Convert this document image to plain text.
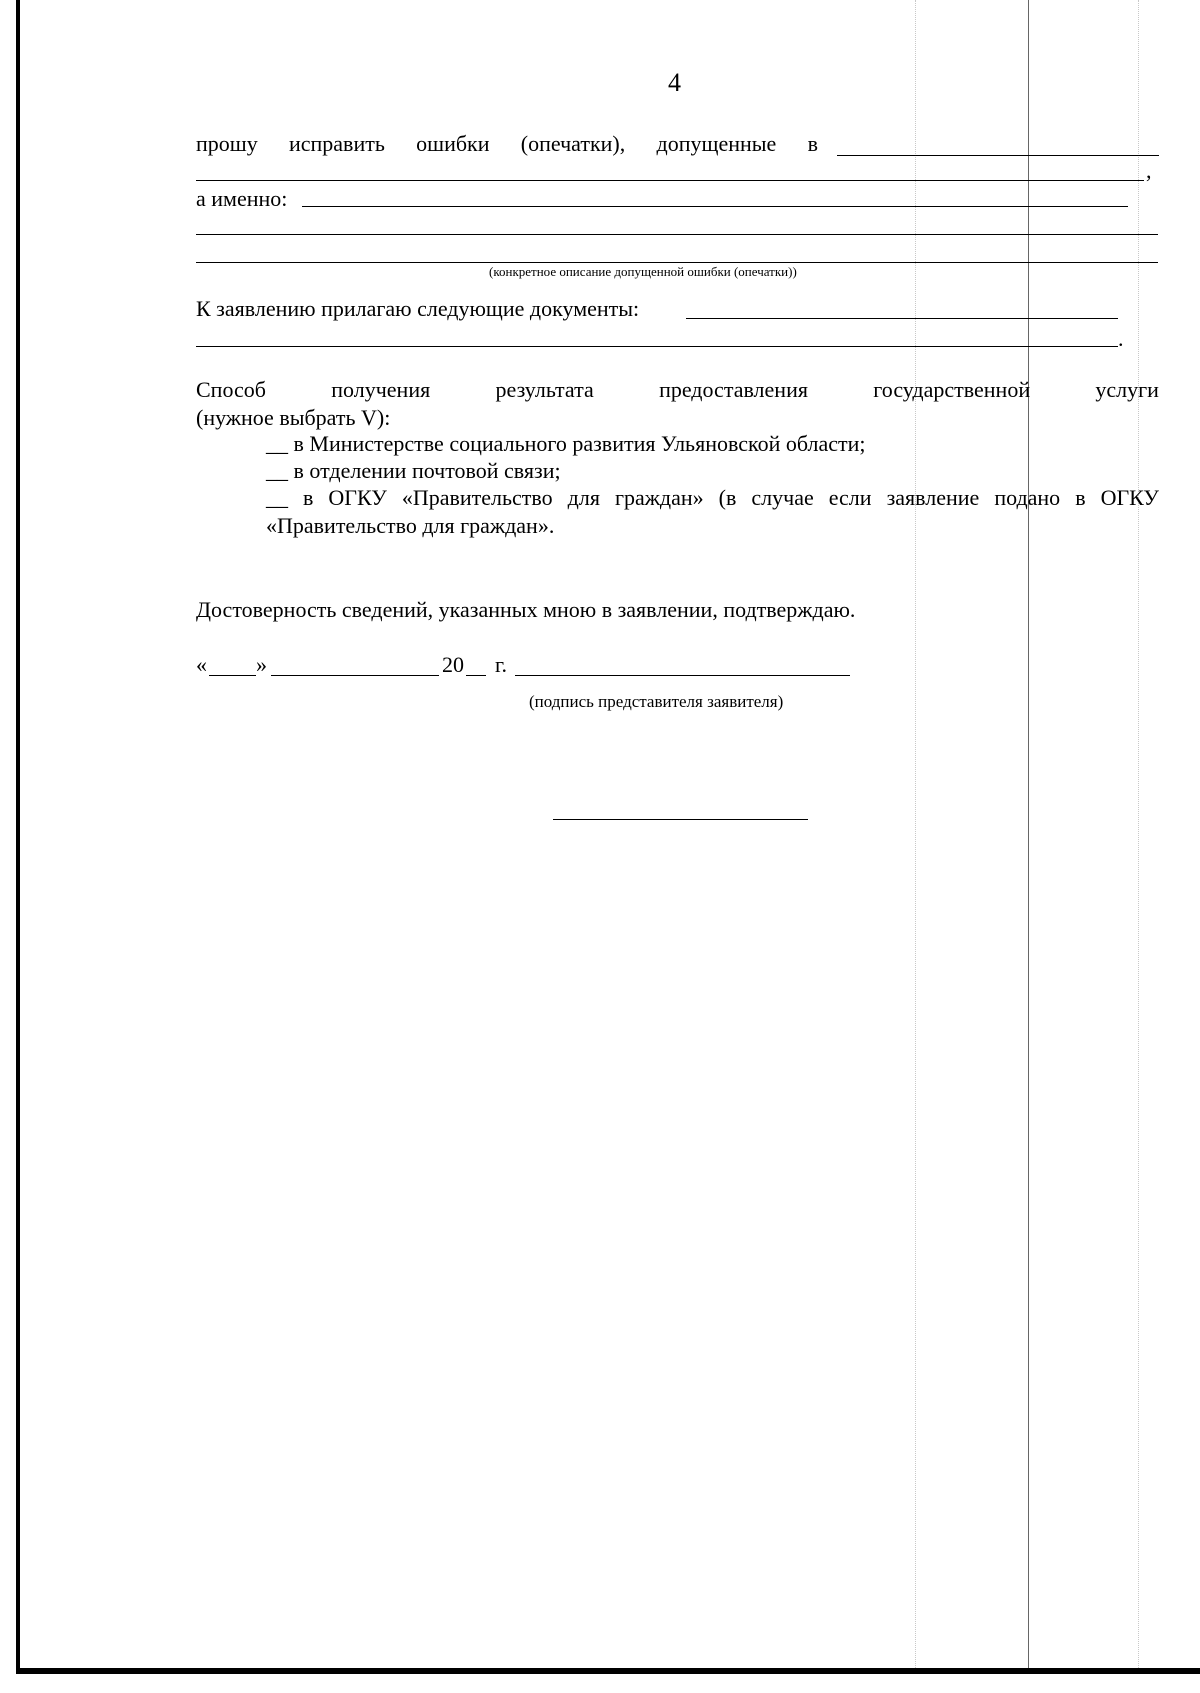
4
прошу исправить ошибки (опечатки), допущенные в
,
а именно:
(конкретное описание допущенной ошибки (опечатки))
К заявлению прилагаю следующие документы:
.
Способ	получения	результата	предоставления	государственной	услуги
(нужное выбрать V):
__ в Министерстве социального развития Ульяновской области;
__ в отделении почтовой связи;
__ в ОГКУ «Правительство для граждан» (в случае если заявление подано в ОГКУ
«Правительство для граждан».
Достоверность сведений, указанных мною в заявлении, подтверждаю.
« »	20 г.
(подпись представителя заявителя)
